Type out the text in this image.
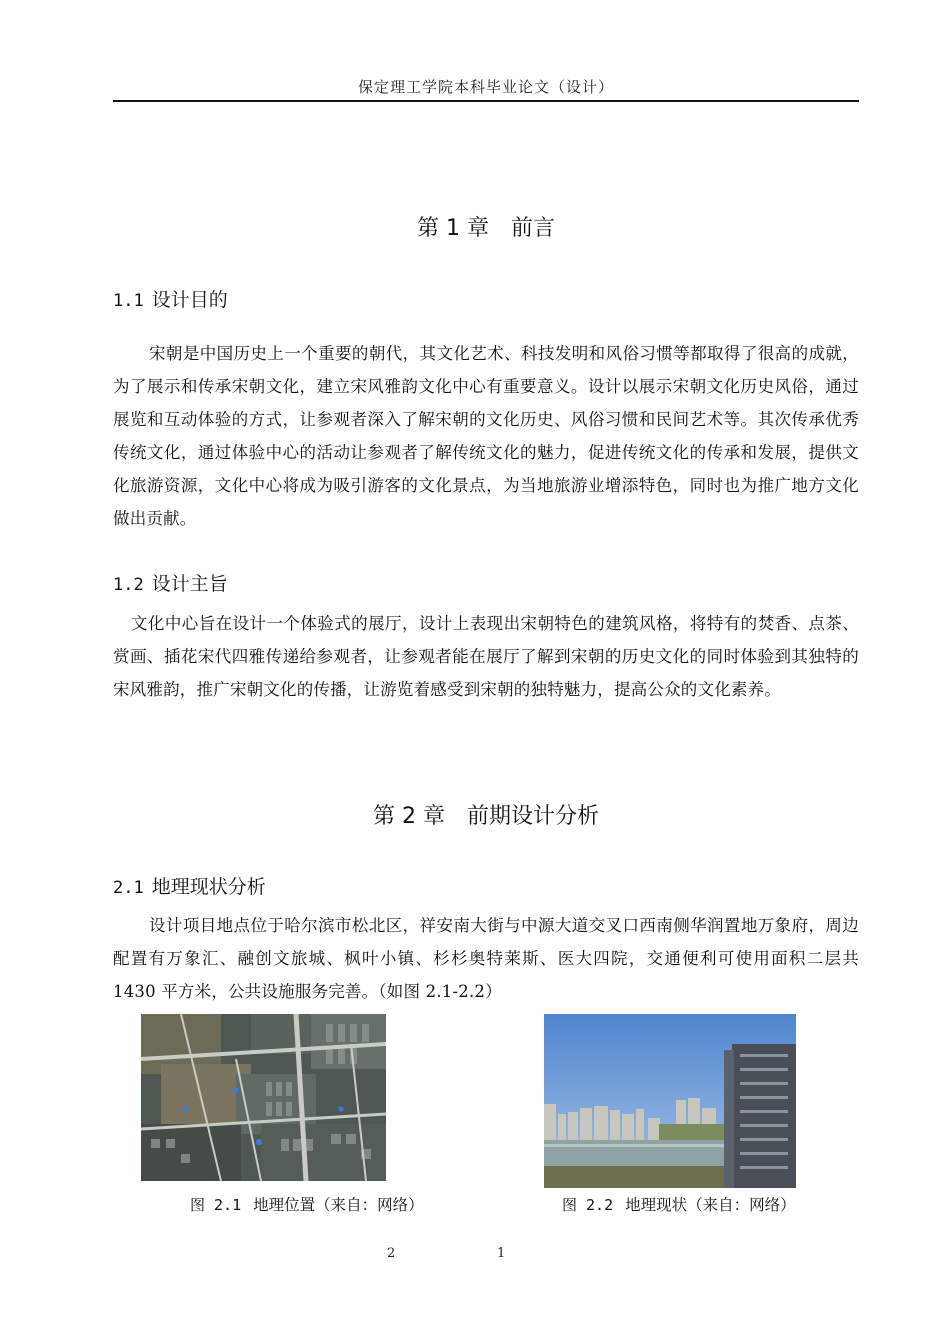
保定理工学院本科毕业论文（设计）
第 1 章 前言
1.1 设计目的

宋朝是中国历史上一个重要的朝代，其文化艺术、科技发明和风俗习惯等都取得了很高的成就，为了展示和传承宋朝文化，建立宋风雅韵文化中心有重要意义。设计以展示宋朝文化历史风俗，通过展览和互动体验的方式，让参观者深入了解宋朝的文化历史、风俗习惯和民间艺术等。其次传承优秀传统文化，通过体验中心的活动让参观者了解传统文化的魅力，促进传统文化的传承和发展，提供文化旅游资源，文化中心将成为吸引游客的文化景点，为当地旅游业增添特色，同时也为推广地方文化做出贡献。

1.2 设计主旨

文化中心旨在设计一个体验式的展厅，设计上表现出宋朝特色的建筑风格，将特有的焚香、点茶、赏画、插花宋代四雅传递给参观者，让参观者能在展厅了解到宋朝的历史文化的同时体验到其独特的宋风雅韵，推广宋朝文化的传播，让游览着感受到宋朝的独特魅力，提高公众的文化素养。

第 2 章 前期设计分析
2.1 地理现状分析

设计项目地点位于哈尔滨市松北区，祥安南大街与中源大道交叉口西南侧华润置地万象府，周边配置有万象汇、融创文旅城、枫叶小镇、杉杉奥特莱斯、医大四院，交通便利可使用面积二层共 1430 平方米，公共设施服务完善。（如图 2.1-2.2）

图 2.1 地理位置（来自：网络）	图 2.2 地理现状（来自：网络）
2	1
